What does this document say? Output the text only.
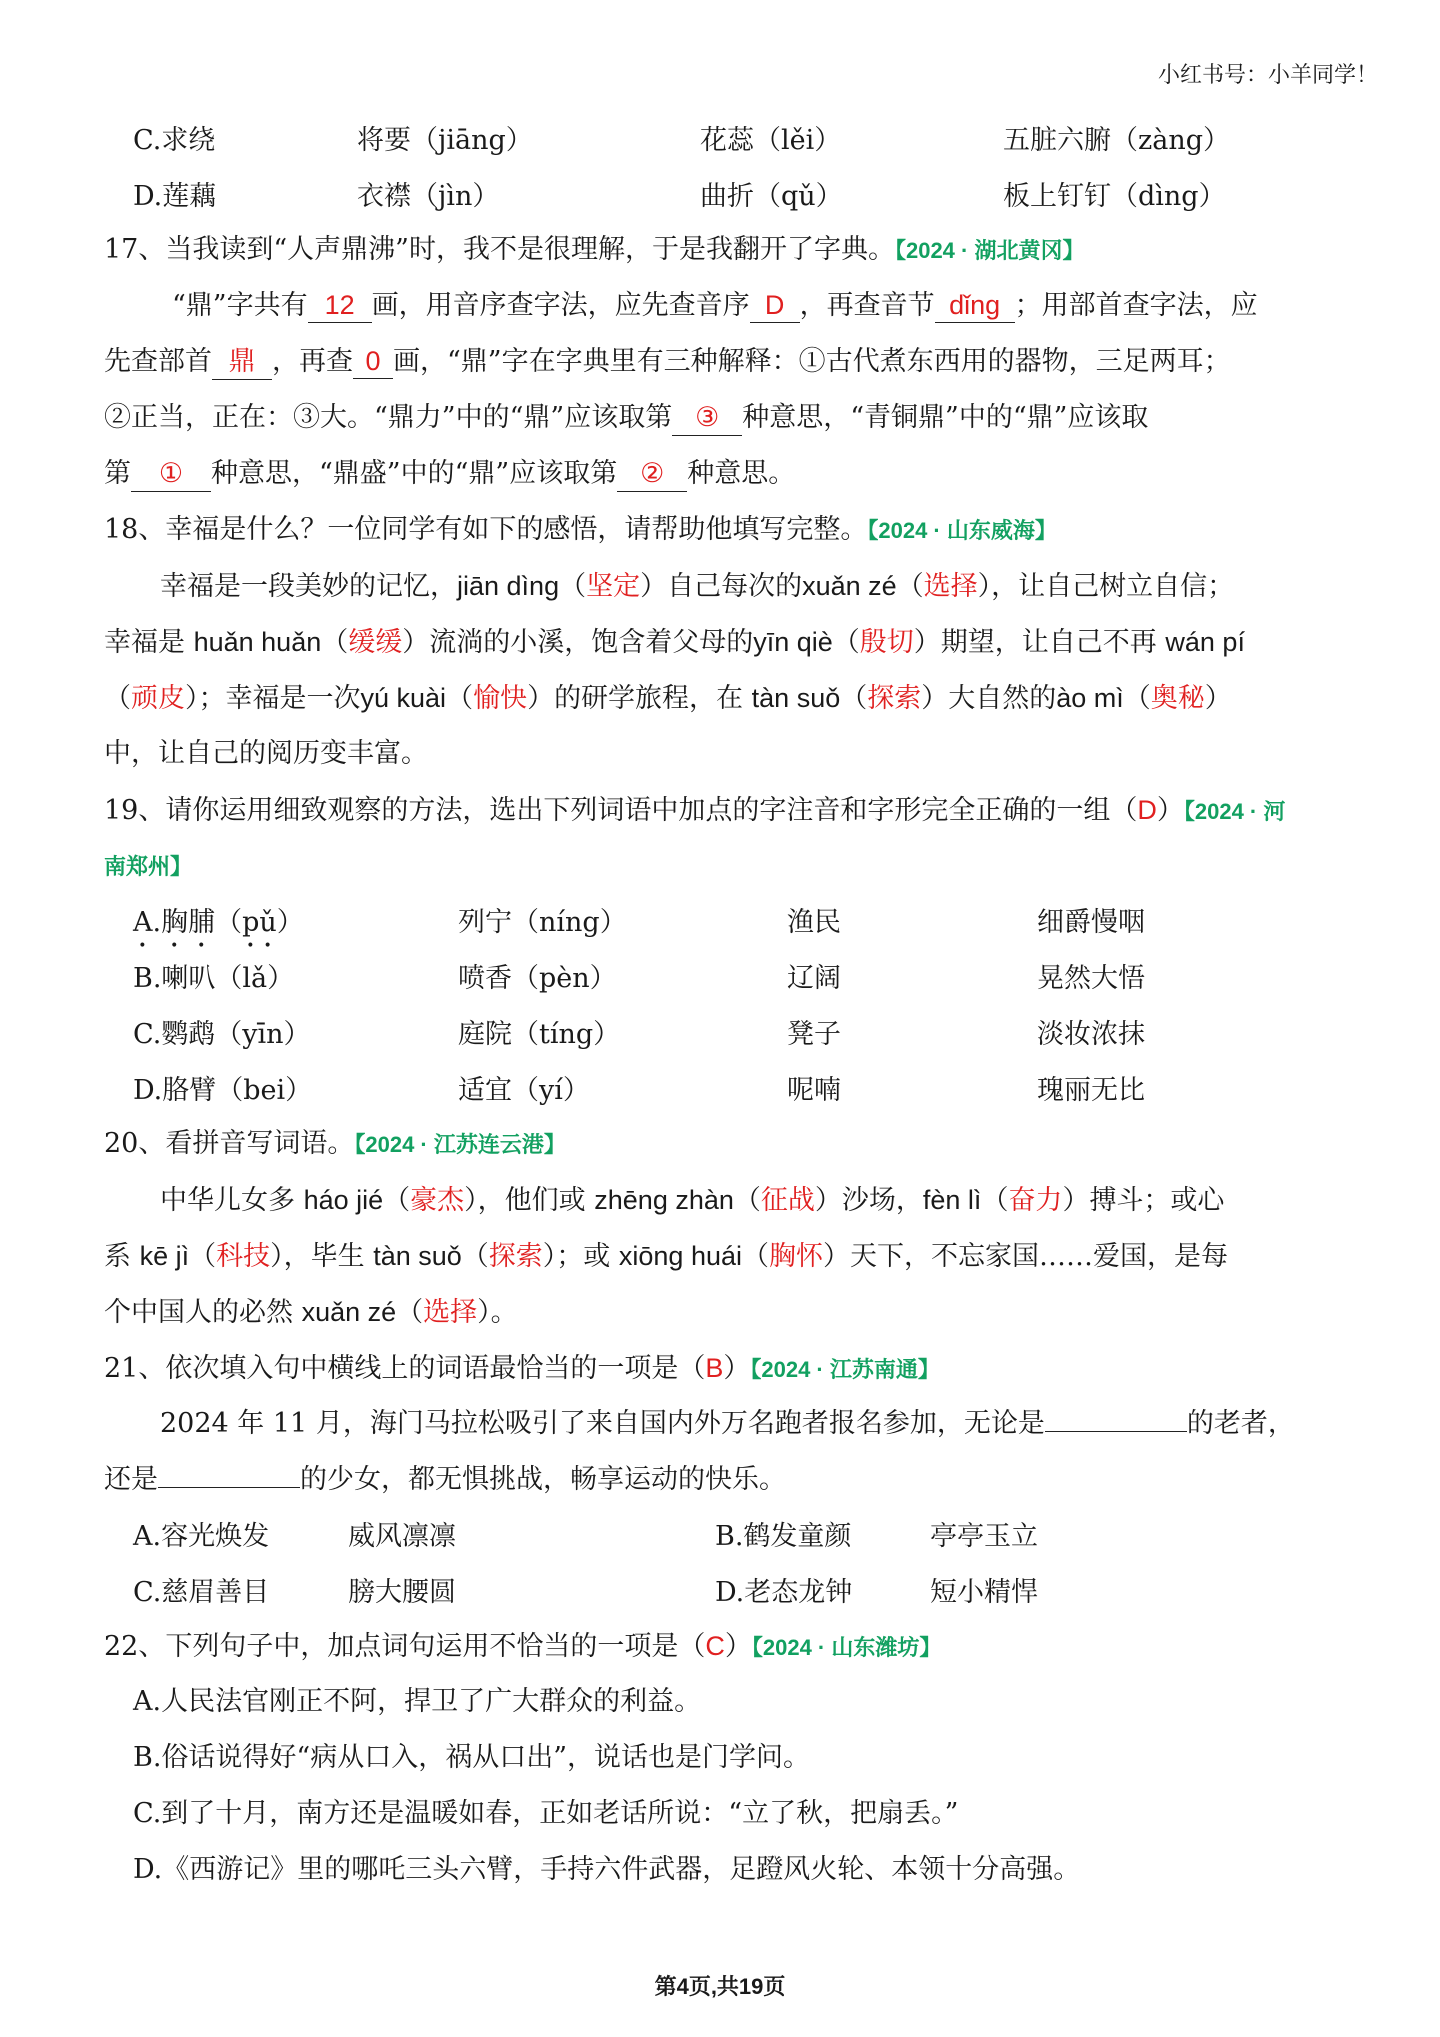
小红书号：小羊同学！
C.求绕	将要（jiāng）	花蕊（lěi）	五脏六腑（zàng）
D.莲藕	衣襟（jìn）	曲折（qǔ）	板上钉钉（dìng）
17、当我读到“人声鼎沸”时，我不是很理解，于是我翻开了字典。【2024 · 湖北黄冈】
“鼎”字共有 12 画，用音序查字法，应先查音序 D ，再查音节 dǐng ；用部首查字法，应
先查部首 鼎 ，再查 0 画，“鼎”字在字典里有三种解释：①古代煮东西用的器物，三足两耳；
②正当，正在：③大。“鼎力”中的“鼎”应该取第 ③ 种意思，“青铜鼎”中的“鼎”应该取
第 ① 种意思，“鼎盛”中的“鼎”应该取第 ② 种意思。
18、幸福是什么？一位同学有如下的感悟，请帮助他填写完整。【2024 · 山东威海】
幸福是一段美妙的记忆，jiān dìng（坚定）自己每次的xuǎn zé（选择），让自己树立自信；
幸福是 huǎn huǎn（缓缓）流淌的小溪，饱含着父母的yīn qiè（殷切）期望，让自己不再 wán pí
（顽皮）；幸福是一次yú kuài（愉快）的研学旅程，在 tàn suǒ（探索）大自然的ào mì（奥秘）
中，让自己的阅历变丰富。
19、请你运用细致观察的方法，选出下列词语中加点的字注音和字形完全正确的一组（D）【2024 · 河
南郑州】
A.胸脯（pǔ）	列宁（níng）	渔民	细爵慢咽
B.喇叭（lǎ）	喷香（pèn）	辽阔	晃然大悟
C.鹦鹉（yīn）	庭院（tíng）	凳子	淡妆浓抹
D.胳臂（bei）	适宜（yí）	呢喃	瑰丽无比
20、看拼音写词语。【2024 · 江苏连云港】
中华儿女多 háo jié（豪杰），他们或 zhēng zhàn（征战）沙场，fèn lì（奋力）搏斗；或心
系 kē jì（科技），毕生 tàn suǒ（探索）；或 xiōng huái（胸怀）天下，不忘家国……爱国，是每
个中国人的必然 xuǎn zé（选择）。
21、依次填入句中横线上的词语最恰当的一项是（B）【2024 · 江苏南通】
2024 年 11 月，海门马拉松吸引了来自国内外万名跑者报名参加，无论是	的老者，
还是	的少女，都无惧挑战，畅享运动的快乐。
A.容光焕发	威风凛凛	B.鹤发童颜	亭亭玉立
C.慈眉善目	膀大腰圆	D.老态龙钟	短小精悍
22、下列句子中，加点词句运用不恰当的一项是（C）【2024 · 山东潍坊】
A.人民法官刚正不阿，捍卫了广大群众的利益。
B.俗话说得好“病从口入，祸从口出”，说话也是门学问。
C.到了十月，南方还是温暖如春，正如老话所说：“立了秋，把扇丢。”
D.《西游记》里的哪吒三头六臂，手持六件武器，足蹬风火轮、本领十分高强。
第4页,共19页
